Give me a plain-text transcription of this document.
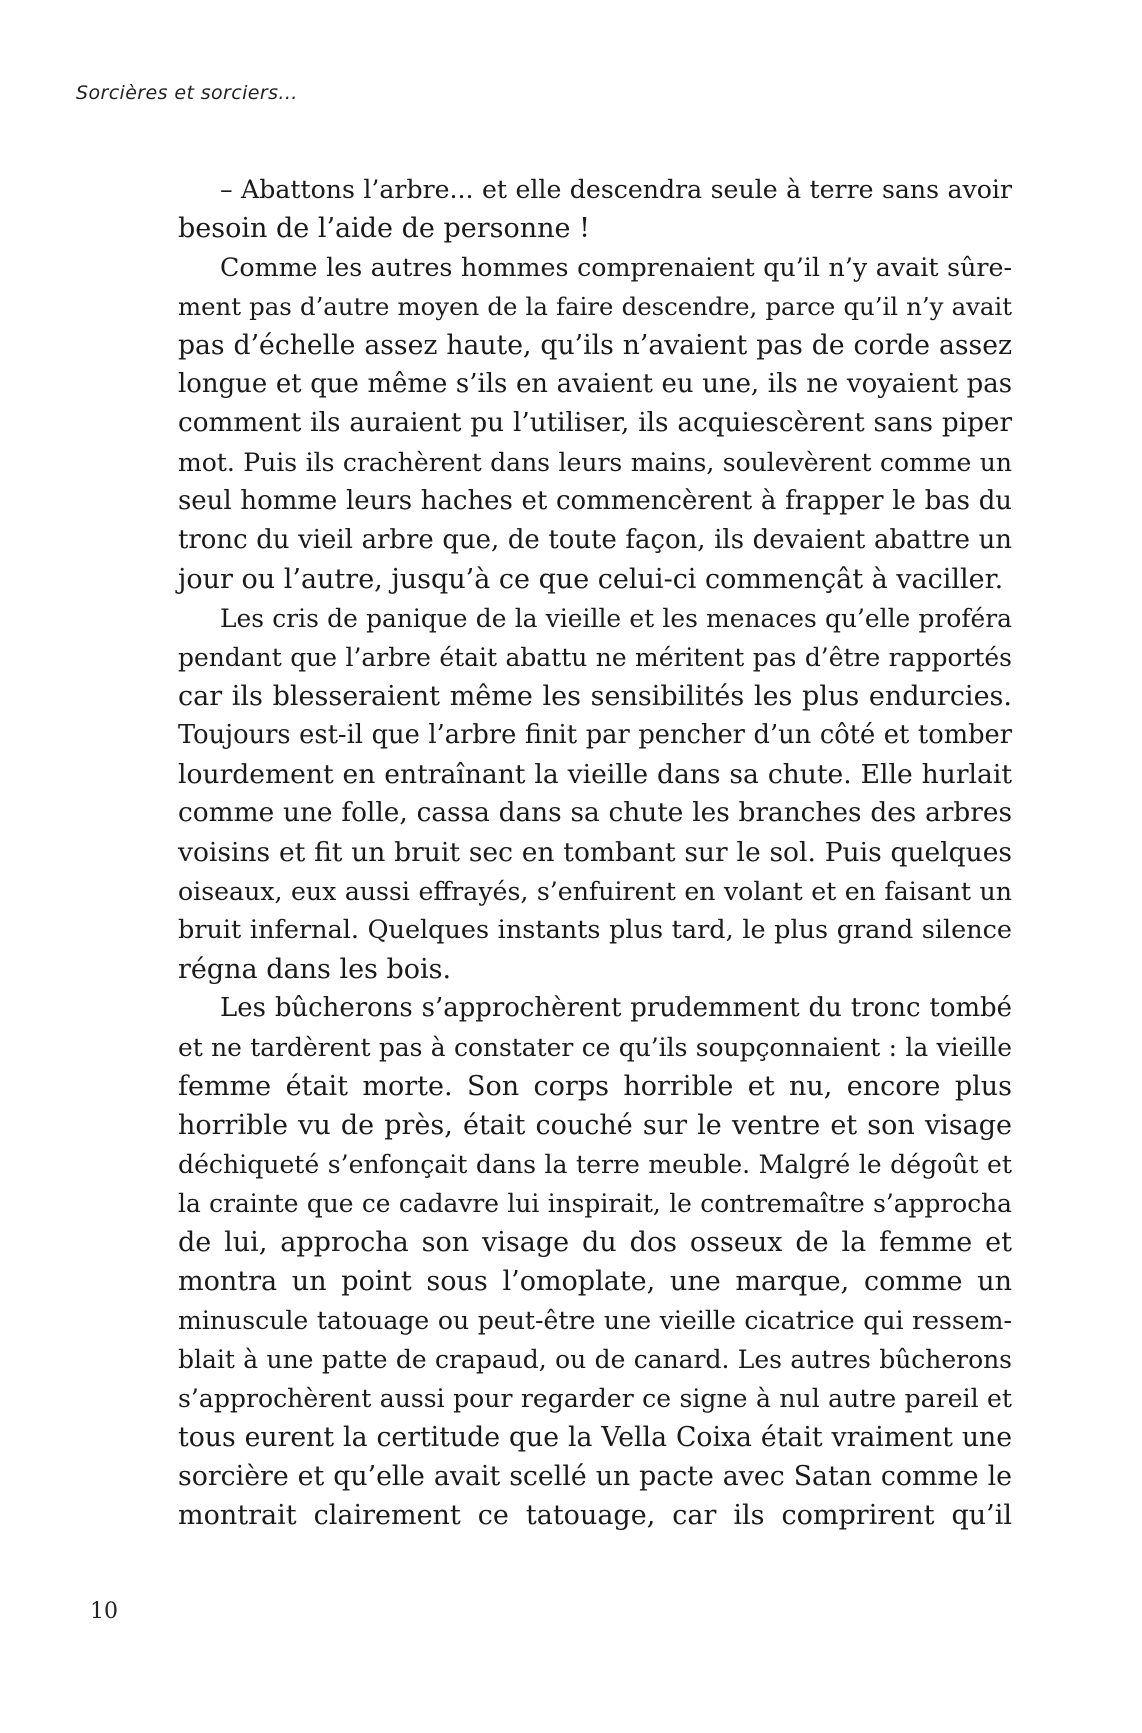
Sorcières et sorciers...
– Abattons l’arbre... et elle descendra seule à terre sans avoir
besoin de l’aide de personne !
Comme les autres hommes comprenaient qu’il n’y avait sûre-
ment pas d’autre moyen de la faire descendre, parce qu’il n’y avait
pas d’échelle assez haute, qu’ils n’avaient pas de corde assez
longue et que même s’ils en avaient eu une, ils ne voyaient pas
comment ils auraient pu l’utiliser, ils acquiescèrent sans piper
mot. Puis ils crachèrent dans leurs mains, soulevèrent comme un
seul homme leurs haches et commencèrent à frapper le bas du
tronc du vieil arbre que, de toute façon, ils devaient abattre un
jour ou l’autre, jusqu’à ce que celui-ci commençât à vaciller.
Les cris de panique de la vieille et les menaces qu’elle proféra
pendant que l’arbre était abattu ne méritent pas d’être rapportés
car ils blesseraient même les sensibilités les plus endurcies.
Toujours est-il que l’arbre finit par pencher d’un côté et tomber
lourdement en entraînant la vieille dans sa chute. Elle hurlait
comme une folle, cassa dans sa chute les branches des arbres
voisins et fit un bruit sec en tombant sur le sol. Puis quelques
oiseaux, eux aussi effrayés, s’enfuirent en volant et en faisant un
bruit infernal. Quelques instants plus tard, le plus grand silence
régna dans les bois.
Les bûcherons s’approchèrent prudemment du tronc tombé
et ne tardèrent pas à constater ce qu’ils soupçonnaient : la vieille
femme était morte. Son corps horrible et nu, encore plus
horrible vu de près, était couché sur le ventre et son visage
déchiqueté s’enfonçait dans la terre meuble. Malgré le dégoût et
la crainte que ce cadavre lui inspirait, le contremaître s’approcha
de lui, approcha son visage du dos osseux de la femme et
montra un point sous l’omoplate, une marque, comme un
minuscule tatouage ou peut-être une vieille cicatrice qui ressem-
blait à une patte de crapaud, ou de canard. Les autres bûcherons
s’approchèrent aussi pour regarder ce signe à nul autre pareil et
tous eurent la certitude que la Vella Coixa était vraiment une
sorcière et qu’elle avait scellé un pacte avec Satan comme le
montrait clairement ce tatouage, car ils comprirent qu’il
10
